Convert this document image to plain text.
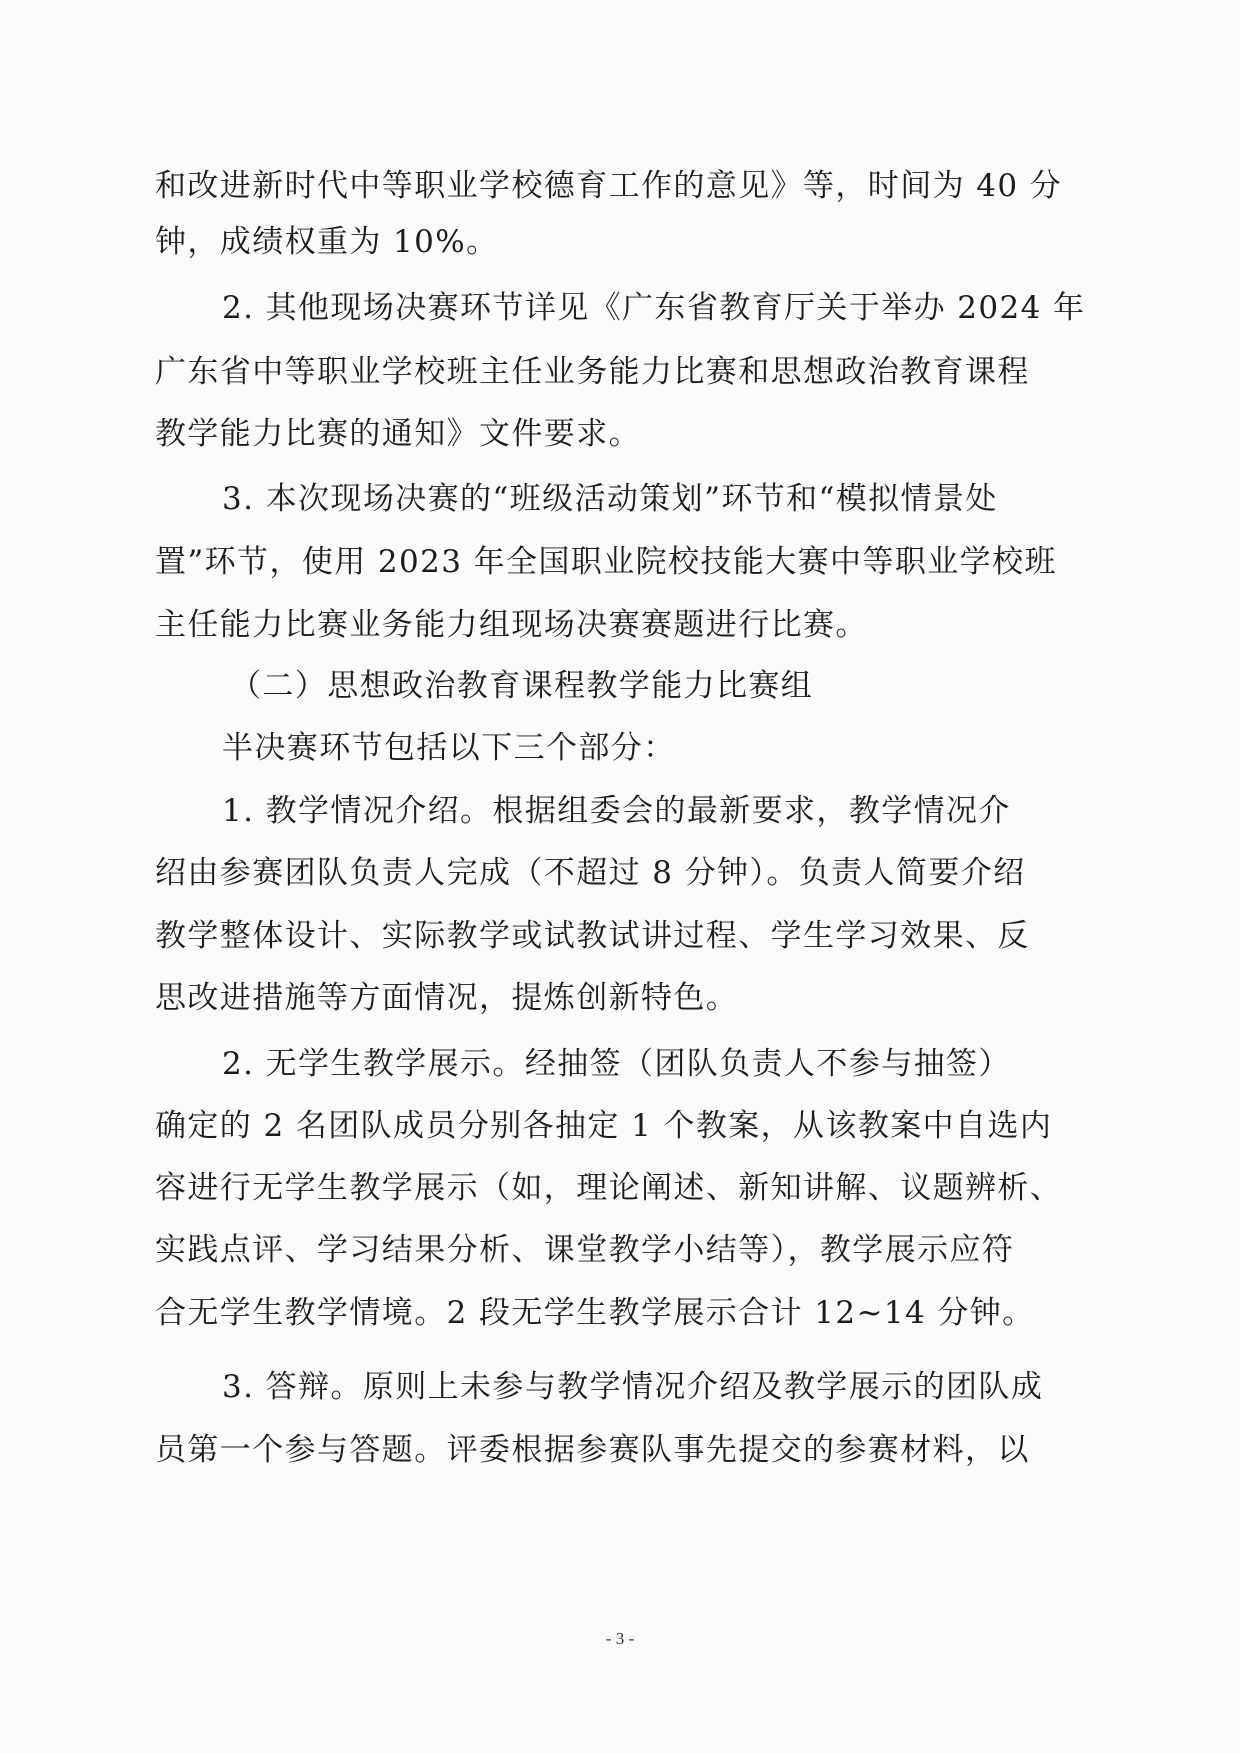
和改进新时代中等职业学校德育工作的意见》等，时间为 40 分
钟，成绩权重为 10%。
2. 其他现场决赛环节详见《广东省教育厅关于举办 2024 年
广东省中等职业学校班主任业务能力比赛和思想政治教育课程
教学能力比赛的通知》文件要求。
3. 本次现场决赛的“班级活动策划”环节和“模拟情景处
置”环节，使用 2023 年全国职业院校技能大赛中等职业学校班
主任能力比赛业务能力组现场决赛赛题进行比赛。
（二）思想政治教育课程教学能力比赛组
半决赛环节包括以下三个部分：
1. 教学情况介绍。根据组委会的最新要求，教学情况介
绍由参赛团队负责人完成（不超过 8 分钟）。负责人简要介绍
教学整体设计、实际教学或试教试讲过程、学生学习效果、反
思改进措施等方面情况，提炼创新特色。
2. 无学生教学展示。经抽签（团队负责人不参与抽签）
确定的 2 名团队成员分别各抽定 1 个教案，从该教案中自选内
容进行无学生教学展示（如，理论阐述、新知讲解、议题辨析、
实践点评、学习结果分析、课堂教学小结等），教学展示应符
合无学生教学情境。2 段无学生教学展示合计 12~14 分钟。
3. 答辩。原则上未参与教学情况介绍及教学展示的团队成
员第一个参与答题。评委根据参赛队事先提交的参赛材料，以
- 3 -
